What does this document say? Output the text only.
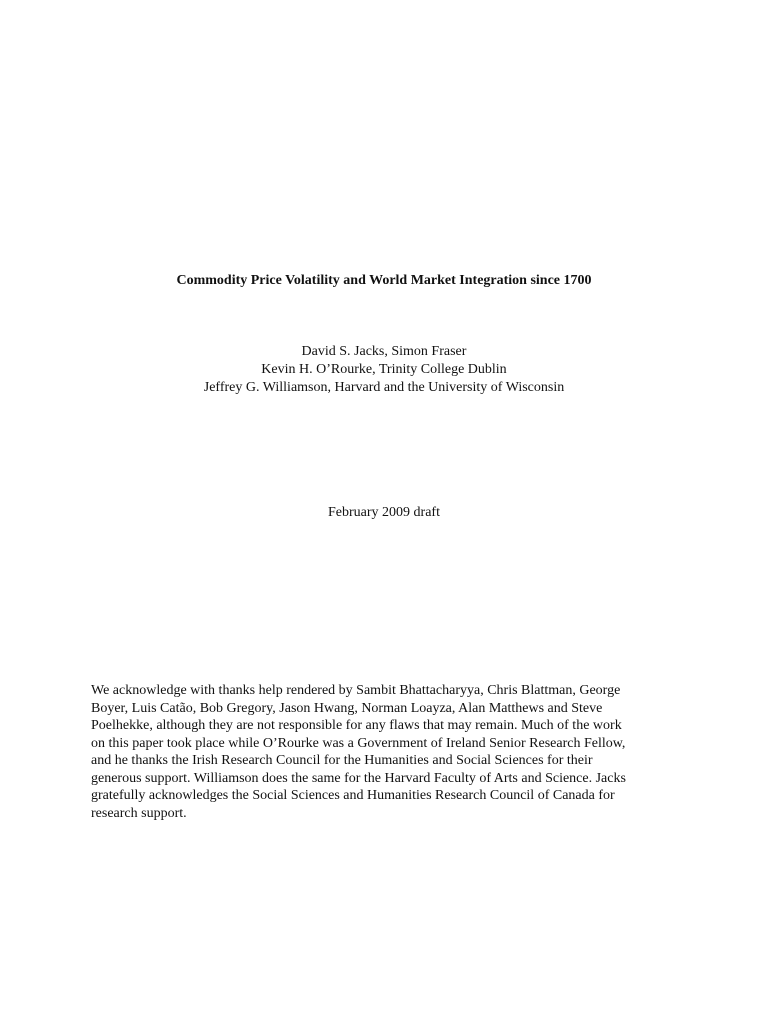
Commodity Price Volatility and World Market Integration since 1700
David S. Jacks, Simon Fraser
Kevin H. O’Rourke, Trinity College Dublin
Jeffrey G. Williamson, Harvard and the University of Wisconsin
February 2009 draft
We acknowledge with thanks help rendered by Sambit Bhattacharyya, Chris Blattman, George
Boyer, Luis Catão, Bob Gregory, Jason Hwang, Norman Loayza, Alan Matthews and Steve
Poelhekke, although they are not responsible for any flaws that may remain. Much of the work
on this paper took place while O’Rourke was a Government of Ireland Senior Research Fellow,
and he thanks the Irish Research Council for the Humanities and Social Sciences for their
generous support. Williamson does the same for the Harvard Faculty of Arts and Science. Jacks
gratefully acknowledges the Social Sciences and Humanities Research Council of Canada for
research support.
